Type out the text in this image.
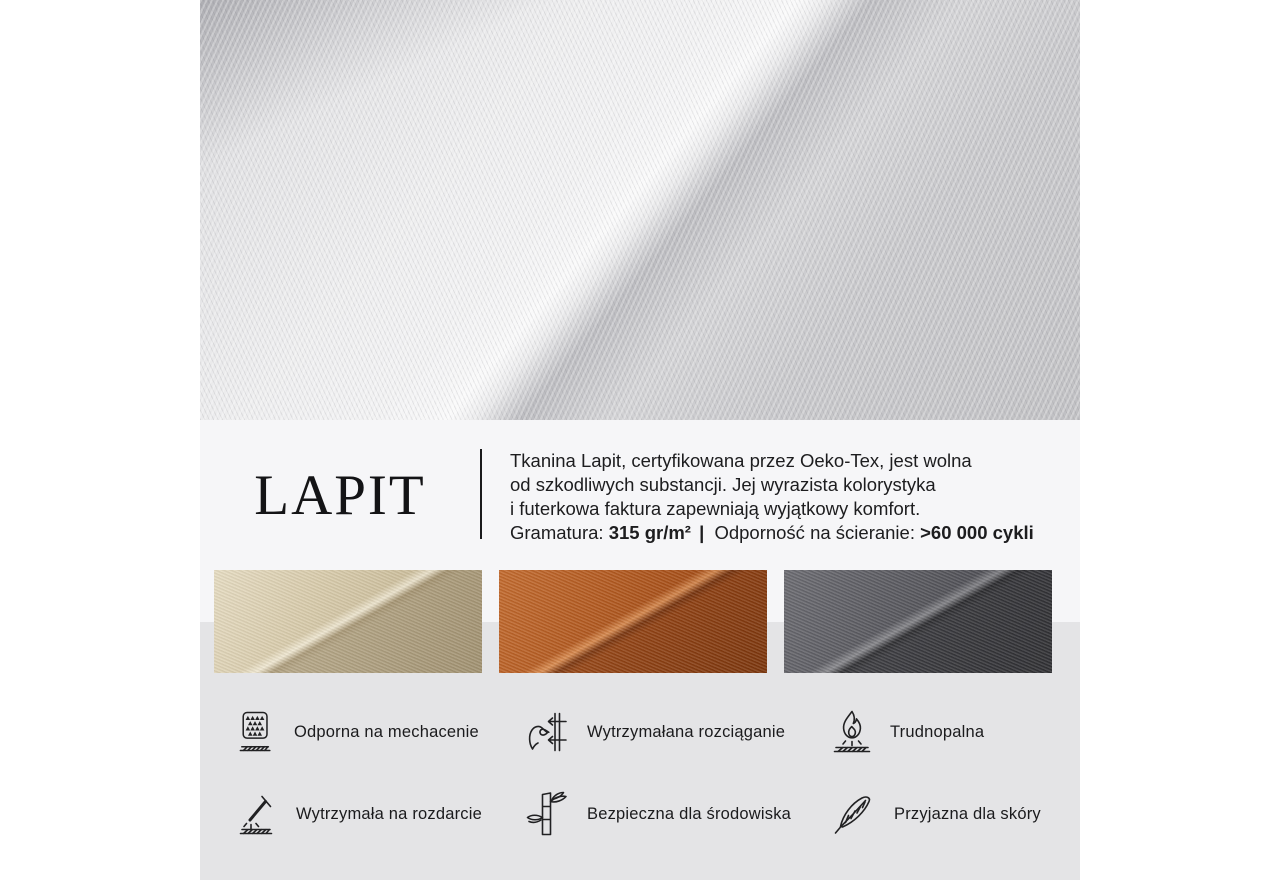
LAPIT

Tkanina Lapit, certyfikowana przez Oeko-Tex, jest wolna

od szkodliwych substancji. Jej wyrazista kolorystyka

i futerkowa faktura zapewniają wyjątkowy komfort.

Gramatura: 315 gr/m² | Odporność na ścieranie: >60 000 cykli

Odporna na mechacenie	Wytrzymałana rozciąganie	Trudnopalna
Wytrzymała na rozdarcie	Bezpieczna dla środowiska	Przyjazna dla skóry
